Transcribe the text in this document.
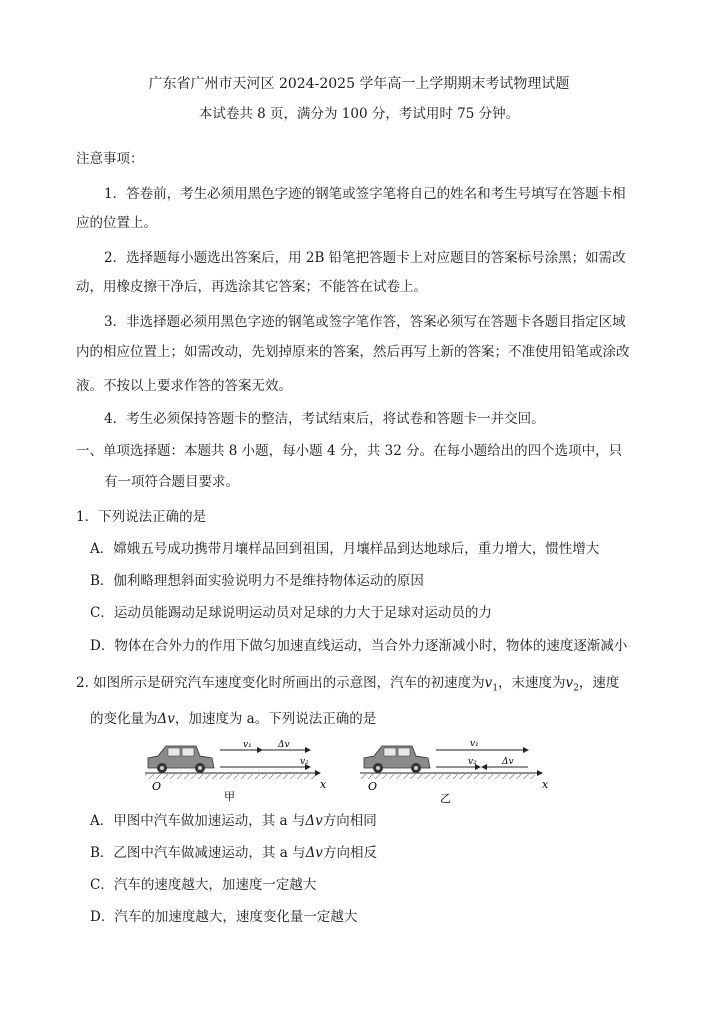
广东省广州市天河区 2024-2025 学年高一上学期期末考试物理试题
本试卷共 8 页，满分为 100 分，考试用时 75 分钟。
注意事项：
1．答卷前，考生必须用黑色字迹的钢笔或签字笔将自己的姓名和考生号填写在答题卡相
应的位置上。
2．选择题每小题选出答案后，用 2B 铅笔把答题卡上对应题目的答案标号涂黑；如需改
动，用橡皮擦干净后，再选涂其它答案；不能答在试卷上。
3．非选择题必须用黑色字迹的钢笔或签字笔作答，答案必须写在答题卡各题目指定区域
内的相应位置上；如需改动，先划掉原来的答案，然后再写上新的答案；不准使用铅笔或涂改
液。不按以上要求作答的答案无效。
4．考生必须保持答题卡的整洁，考试结束后，将试卷和答题卡一并交回。
一、单项选择题：本题共 8 小题，每小题 4 分，共 32 分。在每小题给出的四个选项中，只
有一项符合题目要求。
1．下列说法正确的是
A．嫦娥五号成功携带月壤样品回到祖国，月壤样品到达地球后，重力增大，惯性增大
B．伽利略理想斜面实验说明力不是维持物体运动的原因
C．运动员能踢动足球说明运动员对足球的力大于足球对运动员的力
D．物体在合外力的作用下做匀加速直线运动，当合外力逐渐减小时，物体的速度逐渐减小
2. 如图所示是研究汽车速度变化时所画出的示意图，汽车的初速度为$v_1$，末速度为$v_2$，速度
的变化量为Δv，加速度为 a。下列说法正确的是
v₁	Δv
v₂
O	x
甲
v₁
v₂	Δv
O	x
乙
A．甲图中汽车做加速运动，其 a 与Δv方向相同
B．乙图中汽车做减速运动，其 a 与Δv方向相反
C．汽车的速度越大，加速度一定越大
D．汽车的加速度越大，速度变化量一定越大
